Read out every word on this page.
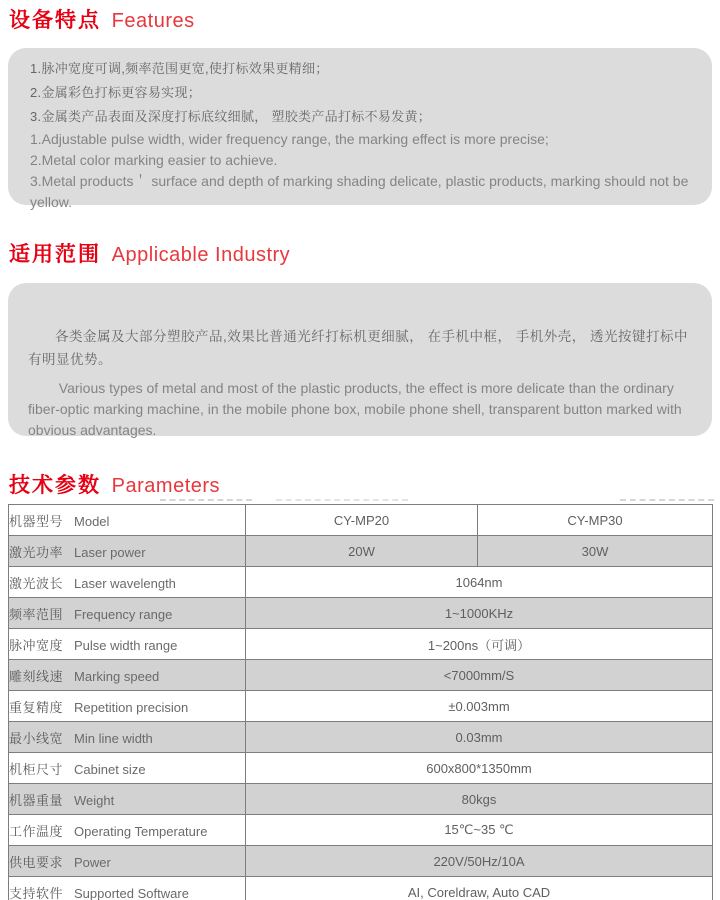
设备特点 Features
1.脉冲宽度可调,频率范围更宽,使打标效果更精细；
2.金属彩色打标更容易实现；
3.金属类产品表面及深度打标底纹细腻， 塑胶类产品打标不易发黄；
1.Adjustable pulse width, wider frequency range, the marking effect is more precise;
2.Metal color marking easier to achieve.
3.Metal products＇ surface and depth of marking shading delicate, plastic products, marking should not be yellow.
适用范围 Applicable Industry

各类金属及大部分塑胶产品,效果比普通光纤打标机更细腻， 在手机中框， 手机外壳， 透光按键打标中有明显优势。

Various types of metal and most of the plastic products, the effect is more delicate than the ordinary fiber-optic marking machine, in the mobile phone box, mobile phone shell, transparent button marked with obvious advantages.

技术参数 Parameters
机器型号 Model	CY-MP20	CY-MP30
激光功率 Laser power	20W	30W
激光波长 Laser wavelength	1064nm	
频率范围 Frequency range	1~1000KHz	
脉冲宽度 Pulse width range	1~200ns（可调）	
雕刻线速 Marking speed	<7000mm/S	
重复精度 Repetition precision	±0.003mm	
最小线宽 Min line width	0.03mm	
机柜尺寸 Cabinet size	600x800*1350mm	
机器重量 Weight	80kgs	
工作温度 Operating Temperature	15℃~35 ℃	
供电要求 Power	220V/50Hz/10A	
支持软件 Supported Software	AI, Coreldraw, Auto CAD	
